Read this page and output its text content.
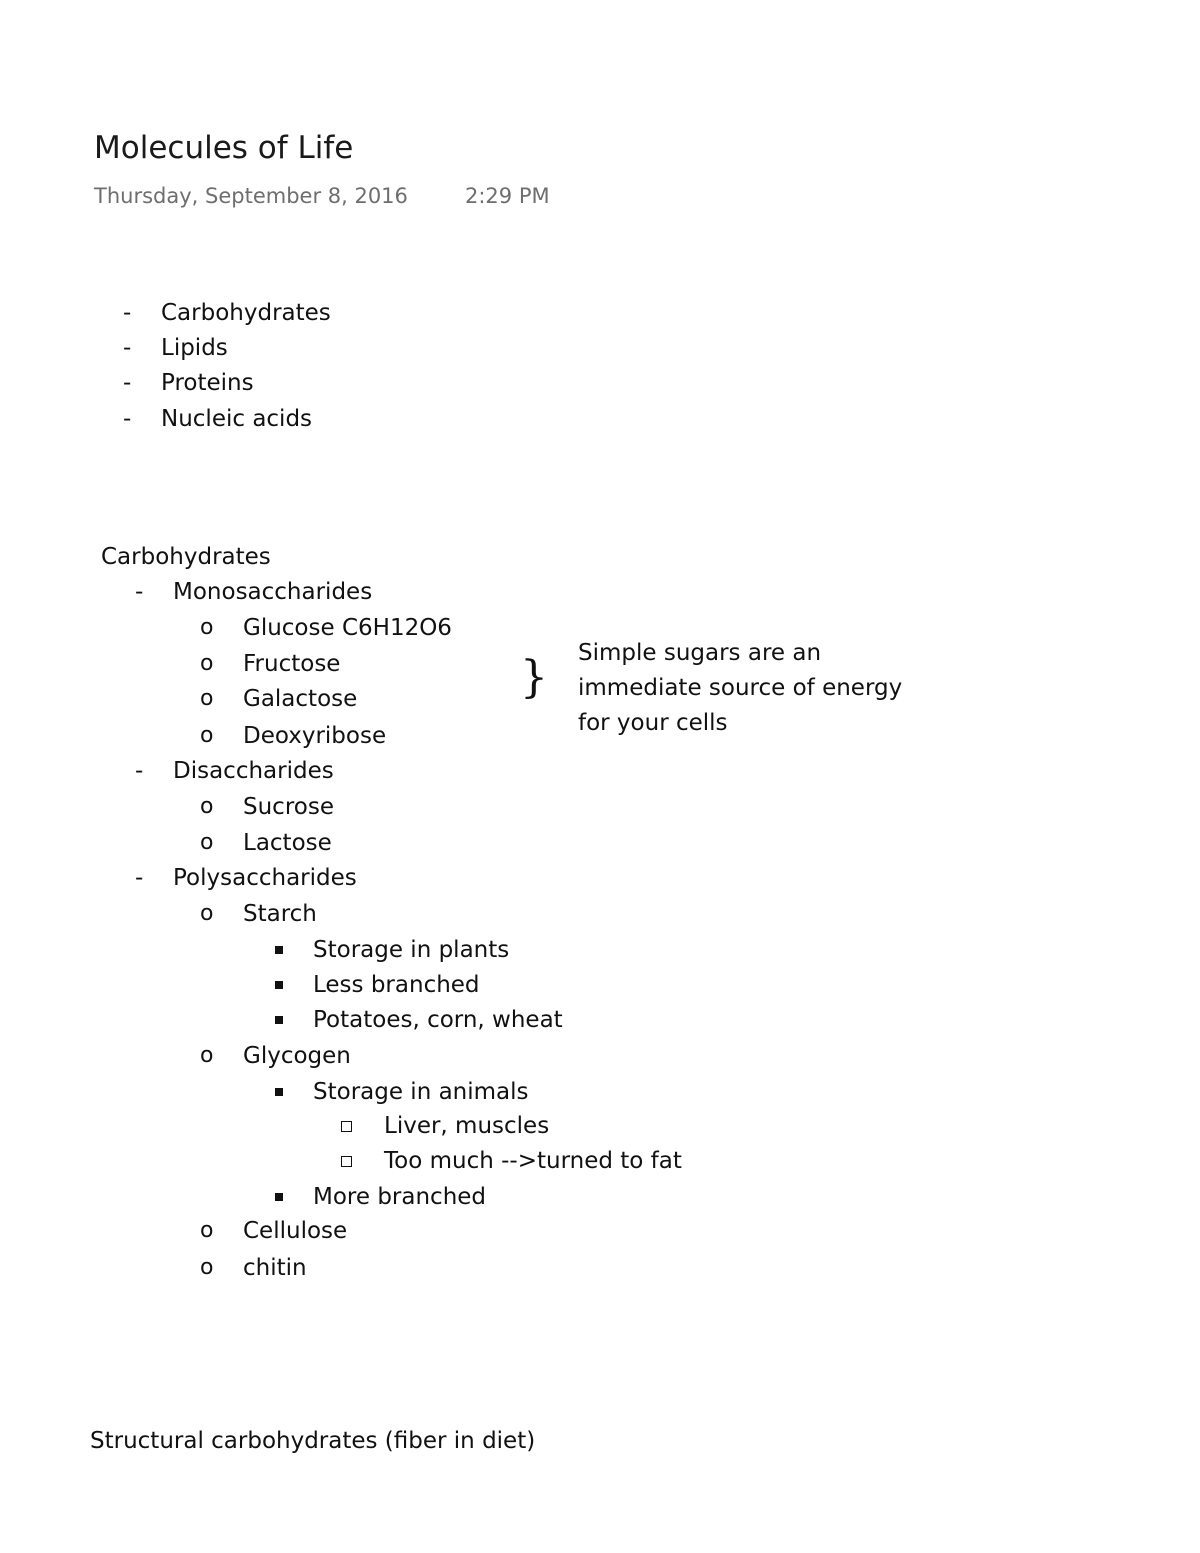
Molecules of Life
Thursday, September 8, 2016	2:29 PM
- Carbohydrates
- Lipids
- Proteins
- Nucleic acids
Carbohydrates
- Monosaccharides
o Glucose C6H12O6
o Fructose
o Galactose
o Deoxyribose
} Simple sugars are an
immediate source of energy
for your cells
- Disaccharides
o Sucrose
o Lactose
- Polysaccharides
o Starch
Storage in plants
Less branched
Potatoes, corn, wheat
o Glycogen
Storage in animals
Liver, muscles
Too much -->turned to fat
More branched
o Cellulose
o chitin
Structural carbohydrates (fiber in diet)
